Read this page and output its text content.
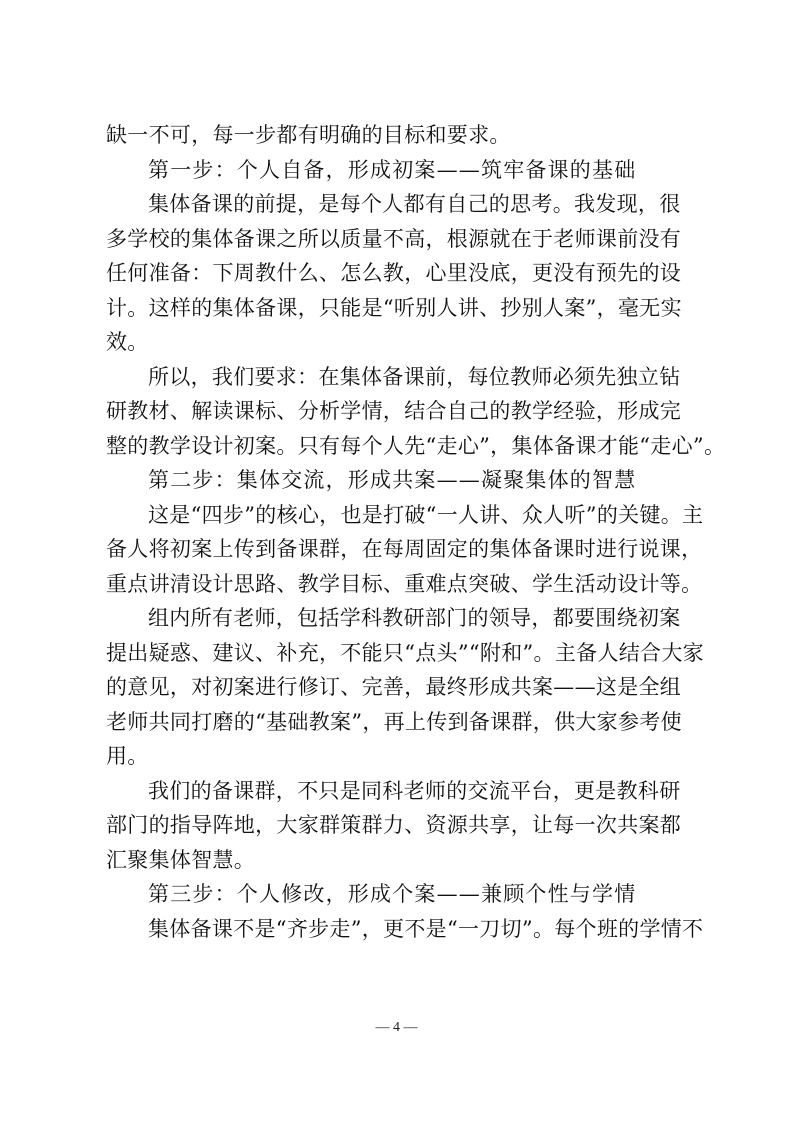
缺一不可，每一步都有明确的目标和要求。
第一步：个人自备，形成初案——筑牢备课的基础
集体备课的前提，是每个人都有自己的思考。我发现，很
多学校的集体备课之所以质量不高，根源就在于老师课前没有
任何准备：下周教什么、怎么教，心里没底，更没有预先的设
计。这样的集体备课，只能是“听别人讲、抄别人案”，毫无实
效。
所以，我们要求：在集体备课前，每位教师必须先独立钻
研教材、解读课标、分析学情，结合自己的教学经验，形成完
整的教学设计初案。只有每个人先“走心”，集体备课才能“走心”。
第二步：集体交流，形成共案——凝聚集体的智慧
这是“四步”的核心，也是打破“一人讲、众人听”的关键。主
备人将初案上传到备课群，在每周固定的集体备课时进行说课，
重点讲清设计思路、教学目标、重难点突破、学生活动设计等。
组内所有老师，包括学科教研部门的领导，都要围绕初案
提出疑惑、建议、补充，不能只“点头”“附和”。主备人结合大家
的意见，对初案进行修订、完善，最终形成共案——这是全组
老师共同打磨的“基础教案”，再上传到备课群，供大家参考使
用。
我们的备课群，不只是同科老师的交流平台，更是教科研
部门的指导阵地，大家群策群力、资源共享，让每一次共案都
汇聚集体智慧。
第三步：个人修改，形成个案——兼顾个性与学情
集体备课不是“齐步走”，更不是“一刀切”。每个班的学情不
— 4 —
